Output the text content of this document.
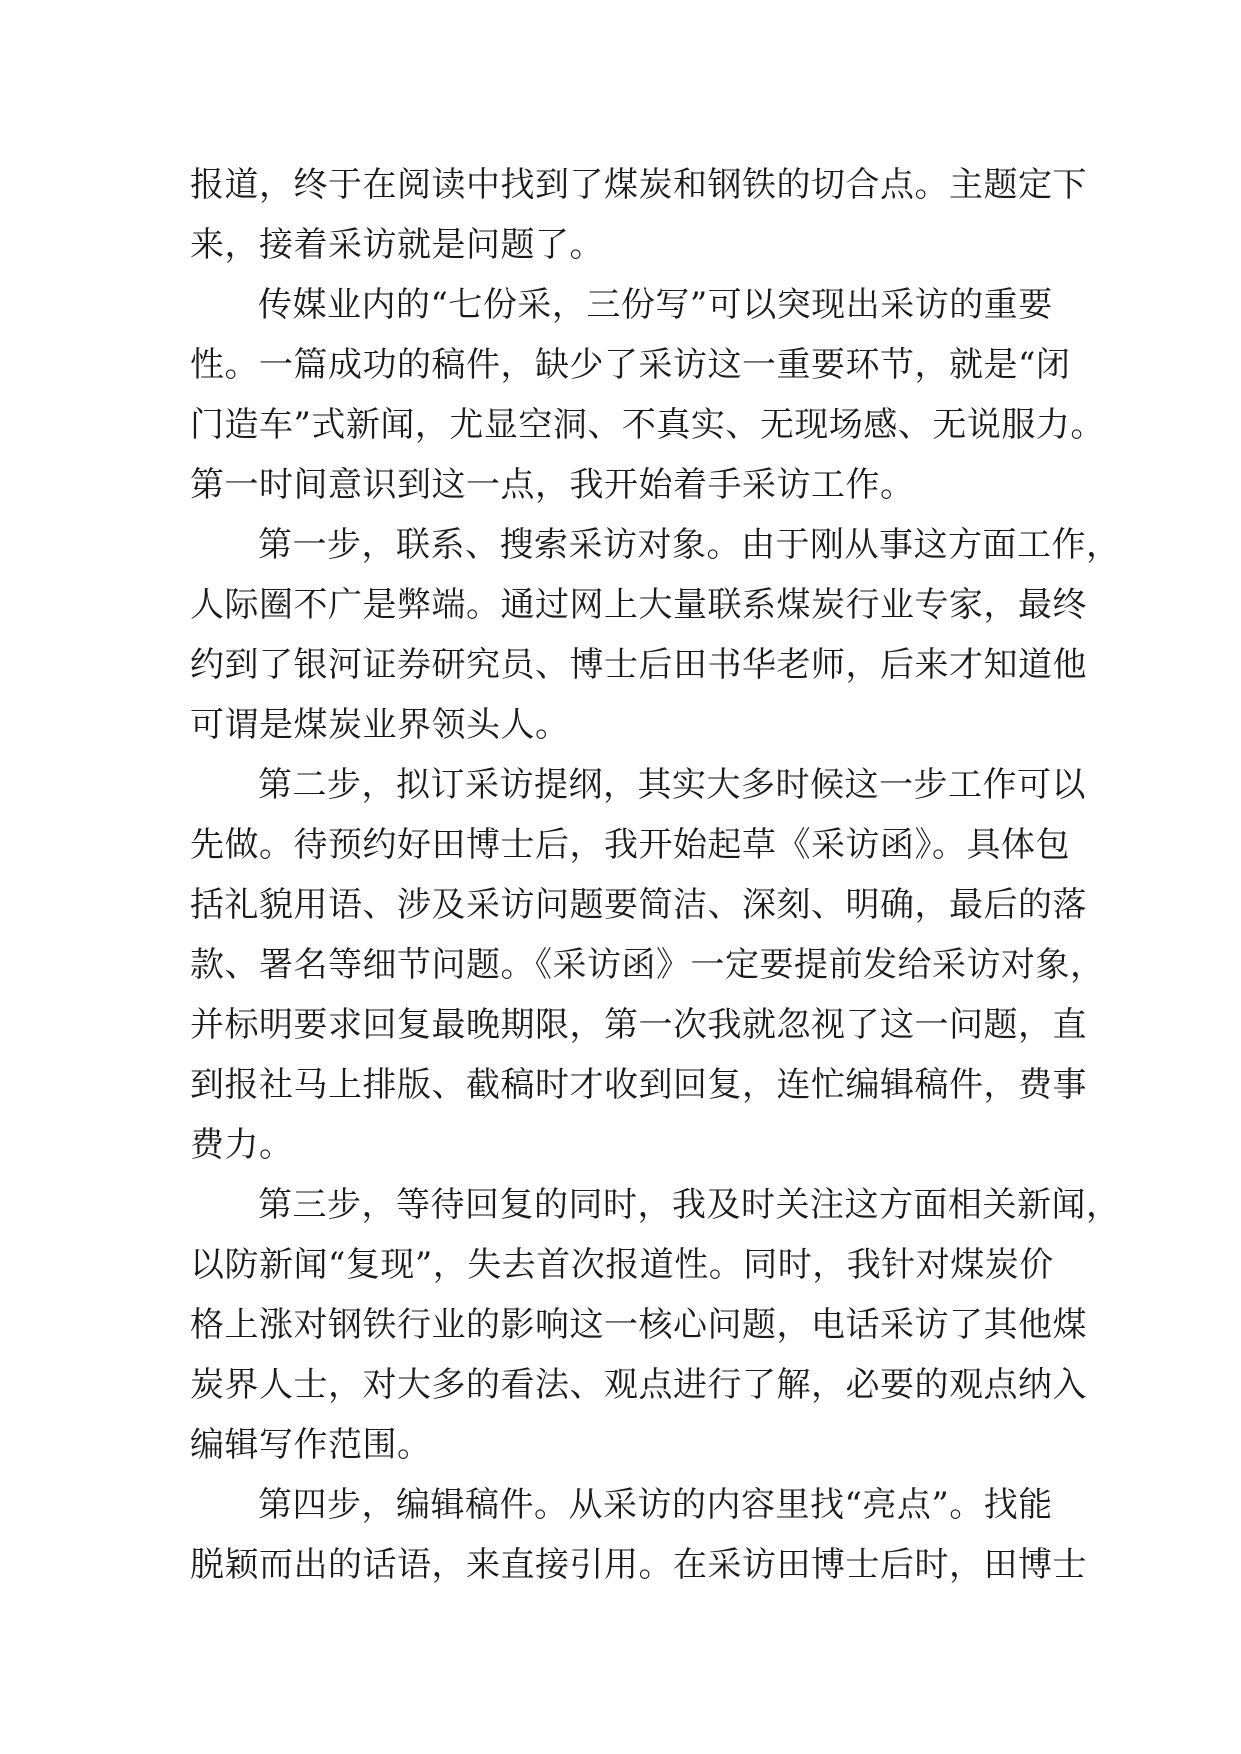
报道，终于在阅读中找到了煤炭和钢铁的切合点。主题定下
来，接着采访就是问题了。
传媒业内的“七份采，三份写”可以突现出采访的重要
性。一篇成功的稿件，缺少了采访这一重要环节，就是“闭
门造车”式新闻，尤显空洞、不真实、无现场感、无说服力。
第一时间意识到这一点，我开始着手采访工作。
第一步，联系、搜索采访对象。由于刚从事这方面工作，
人际圈不广是弊端。通过网上大量联系煤炭行业专家，最终
约到了银河证券研究员、博士后田书华老师，后来才知道他
可谓是煤炭业界领头人。
第二步，拟订采访提纲，其实大多时候这一步工作可以
先做。待预约好田博士后，我开始起草《采访函》。具体包
括礼貌用语、涉及采访问题要简洁、深刻、明确，最后的落
款、署名等细节问题。《采访函》一定要提前发给采访对象，
并标明要求回复最晚期限，第一次我就忽视了这一问题，直
到报社马上排版、截稿时才收到回复，连忙编辑稿件，费事
费力。
第三步，等待回复的同时，我及时关注这方面相关新闻，
以防新闻“复现”，失去首次报道性。同时，我针对煤炭价
格上涨对钢铁行业的影响这一核心问题，电话采访了其他煤
炭界人士，对大多的看法、观点进行了解，必要的观点纳入
编辑写作范围。
第四步，编辑稿件。从采访的内容里找“亮点”。找能
脱颖而出的话语，来直接引用。在采访田博士后时，田博士
